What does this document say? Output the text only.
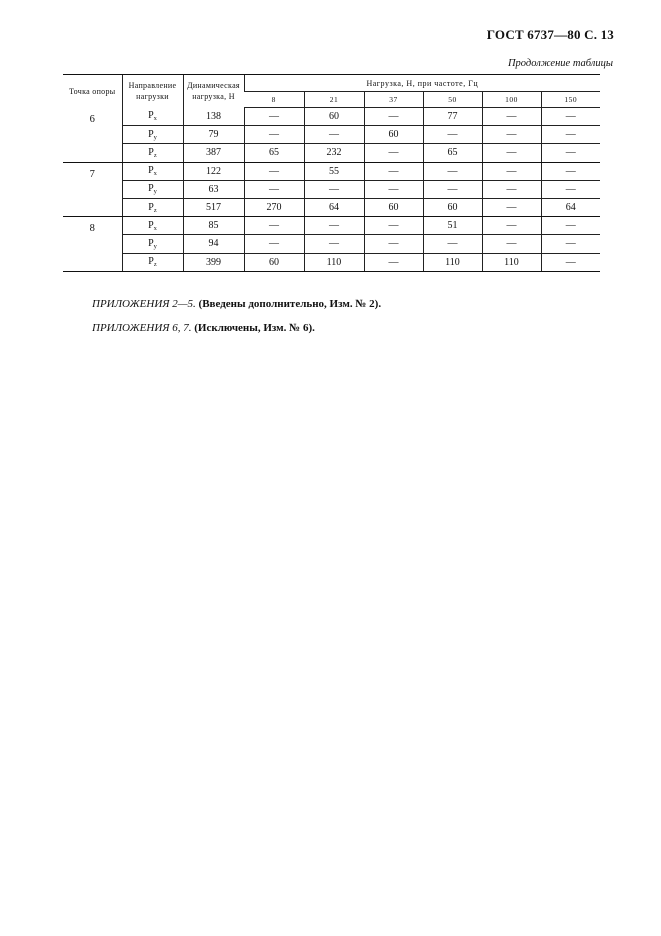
ГОСТ 6737—80 С. 13
Продолжение таблицы
Точка опоры	Направление нагрузки	Динамическая нагрузка, Н	Нагрузка, Н, при частоте, Гц					
			8	21	37	50	100	150
6	$P_x$	138	—	60	—	77	—	—
	$P_y$	79	—	—	60	—	—	—
	$P_z$	387	65	232	—	65	—	—
7	$P_x$	122	—	55	—	—	—	—
	$P_y$	63	—	—	—	—	—	—
	$P_z$	517	270	64	60	60	—	64
8	$P_x$	85	—	—	—	51	—	—
	$P_y$	94	—	—	—	—	—	—
	$P_z$	399	60	110	—	110	110	—
ПРИЛОЖЕНИЯ 2—5. (Введены дополнительно, Изм. № 2).
ПРИЛОЖЕНИЯ 6, 7. (Исключены, Изм. № 6).
